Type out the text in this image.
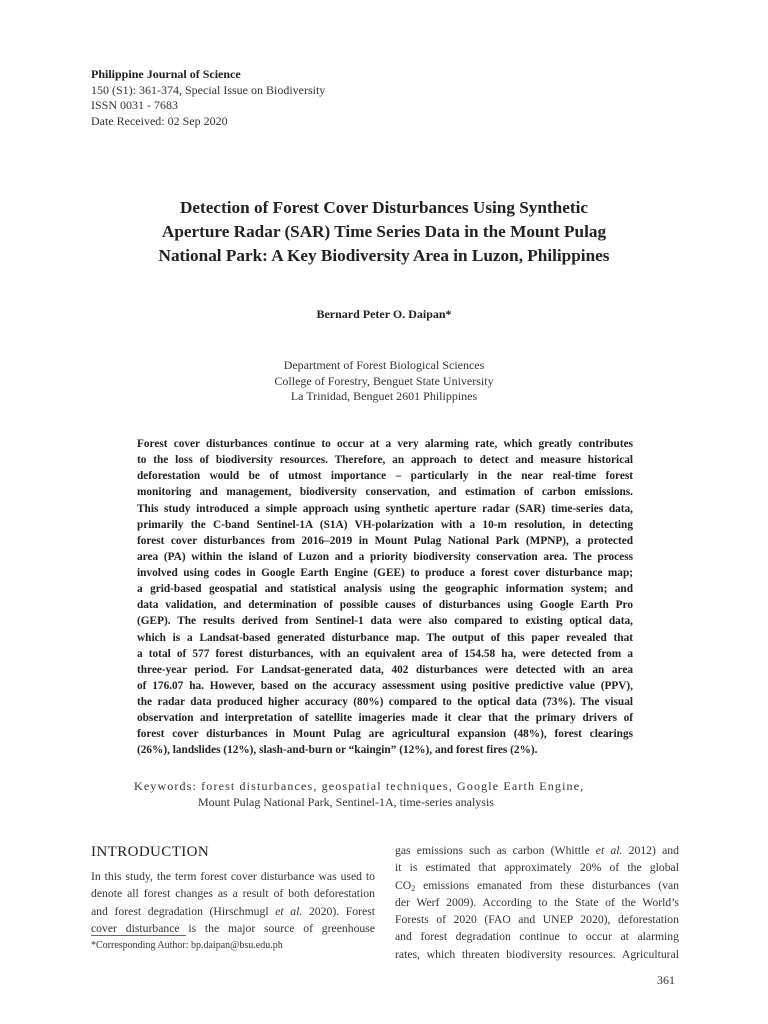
Philippine Journal of Science
150 (S1): 361-374, Special Issue on Biodiversity
ISSN 0031 - 7683
Date Received: 02 Sep 2020
Detection of Forest Cover Disturbances Using Synthetic
Aperture Radar (SAR) Time Series Data in the Mount Pulag
National Park: A Key Biodiversity Area in Luzon, Philippines
Bernard Peter O. Daipan*
Department of Forest Biological Sciences
College of Forestry, Benguet State University
La Trinidad, Benguet 2601 Philippines
Forest cover disturbances continue to occur at a very alarming rate, which greatly contributes
to the loss of biodiversity resources. Therefore, an approach to detect and measure historical
deforestation would be of utmost importance – particularly in the near real-time forest
monitoring and management, biodiversity conservation, and estimation of carbon emissions.
This study introduced a simple approach using synthetic aperture radar (SAR) time-series data,
primarily the C-band Sentinel-1A (S1A) VH-polarization with a 10-m resolution, in detecting
forest cover disturbances from 2016–2019 in Mount Pulag National Park (MPNP), a protected
area (PA) within the island of Luzon and a priority biodiversity conservation area. The process
involved using codes in Google Earth Engine (GEE) to produce a forest cover disturbance map;
a grid-based geospatial and statistical analysis using the geographic information system; and
data validation, and determination of possible causes of disturbances using Google Earth Pro
(GEP). The results derived from Sentinel-1 data were also compared to existing optical data,
which is a Landsat-based generated disturbance map. The output of this paper revealed that
a total of 577 forest disturbances, with an equivalent area of 154.58 ha, were detected from a
three-year period. For Landsat-generated data, 402 disturbances were detected with an area
of 176.07 ha. However, based on the accuracy assessment using positive predictive value (PPV),
the radar data produced higher accuracy (80%) compared to the optical data (73%). The visual
observation and interpretation of satellite imageries made it clear that the primary drivers of
forest cover disturbances in Mount Pulag are agricultural expansion (48%), forest clearings
(26%), landslides (12%), slash-and-burn or “kaingin” (12%), and forest fires (2%).
Keywords: forest disturbances, geospatial techniques, Google Earth Engine,
Mount Pulag National Park, Sentinel-1A, time-series analysis
INTRODUCTION
In this study, the term forest cover disturbance was used to
denote all forest changes as a result of both deforestation
and forest degradation (Hirschmugl et al. 2020). Forest
cover disturbance is the major source of greenhouse
gas emissions such as carbon (Whittle et al. 2012) and
it is estimated that approximately 20% of the global
$CO_2$ emissions emanated from these disturbances (van
der Werf 2009). According to the State of the World’s
Forests of 2020 (FAO and UNEP 2020), deforestation
and forest degradation continue to occur at alarming
rates, which threaten biodiversity resources. Agricultural
*Corresponding Author: bp.daipan@bsu.edu.ph
361
